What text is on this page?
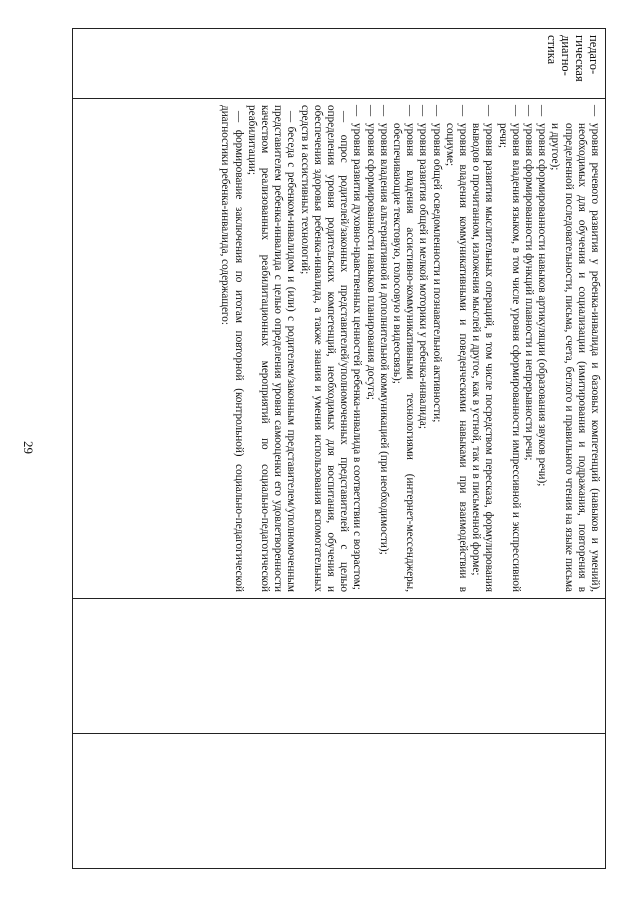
29
педаго-
гическая
диагно-
стика

—
уровня речевого развития у ребенка-инвалида и базовых компетенций (навыков и умений), необходимых для обучения и социализации (имитирования и подражания, повторения в определенной последовательности, письма, счета, беглого и правильного чтения на языке письма и другое);
—
уровня сформированности навыков артикуляции (образования звуков речи);
—
уровня сформированности функций плавности и непрерывности речи;
—
уровня владения языком, в том числе уровня сформированности импрессивной и экспрессивной речи;
—
уровня развития мыслительных операций, в том числе посредством пересказа, формулирования выводов о прочитанном, изложения мыслей и другое, как в устной, так и в письменной форме;
—
уровня владения коммуникативными и поведенческими навыками при взаимодействии в социуме;
—
уровня общей осведомленности и познавательной активности;
—
уровня развития общей и мелкой моторики у ребенка-инвалида;
—
уровня владения ассистивно-коммуникативными технологиями (интернет-мессенджеры, обеспечивающие текстовую, голосовую и видеосвязь);
—
уровня владения альтернативной и дополнительной коммуникацией (при необходимости);
—
уровня сформированности навыков планирования досуга;
—
уровня развития духовно-нравственных ценностей ребенка-инвалида в соответствии с возрастом;

— опрос родителей/законных представителей/уполномоченных представителей с целью определения уровня родительских компетенций, необходимых для воспитания, обучения и обеспечения здоровья ребенка-инвалида, а также знания и умения использования вспомогательных средств и ассистивных технологий;

— беседа с ребенком-инвалидом и (или) с родителем/законным представителем/уполномоченным представителем ребенка-инвалида с целью определения уровня самооценки его удовлетворенности качеством реализованных реабилитационных мероприятий по социально-педагогической реабилитации;

— формирование заключения по итогам повторной (контрольной) социально-педагогической диагностики ребенка-инвалида, содержащего:
